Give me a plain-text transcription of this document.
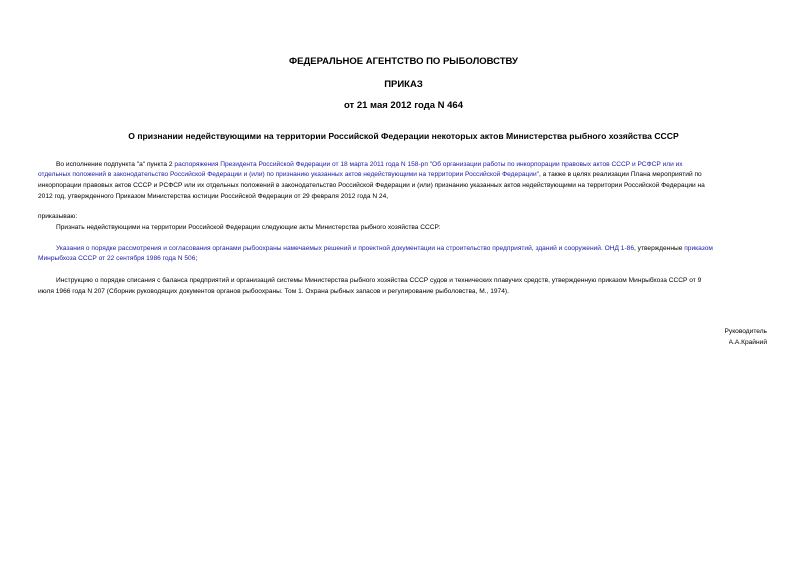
ФЕДЕРАЛЬНОЕ АГЕНТСТВО ПО РЫБОЛОВСТВУ
ПРИКАЗ
от 21 мая 2012 года N 464
О признании недействующими на территории Российской Федерации некоторых актов Министерства рыбного хозяйства СССР
Во исполнение подпункта "а" пункта 2 распоряжения Президента Российской Федерации от 18 марта 2011 года N 158-рп "Об организации работы по инкорпорации правовых актов СССР и РСФСР или их
отдельных положений в законодательство Российской Федерации и (или) по признанию указанных актов недействующими на территории Российской Федерации", а также в целях реализации Плана мероприятий по
инкорпорации правовых актов СССР и РСФСР или их отдельных положений в законодательство Российской Федерации и (или) признанию указанных актов недействующими на территории Российской Федерации на
2012 год, утвержденного Приказом Министерства юстиции Российской Федерации от 29 февраля 2012 года N 24,
приказываю:
Признать недействующими на территории Российской Федерации следующие акты Министерства рыбного хозяйства СССР:
Указания о порядке рассмотрения и согласования органами рыбоохраны намечаемых решений и проектной документации на строительство предприятий, зданий и сооружений. ОНД 1-86, утвержденные приказом
Минрыбхоза СССР от 22 сентября 1986 года N 506;
Инструкцию о порядке списания с баланса предприятий и организаций системы Министерства рыбного хозяйства СССР судов и технических плавучих средств, утвержденную приказом Минрыбхоза СССР от 9
июля 1966 года N 207 (Сборник руководящих документов органов рыбоохраны. Том 1. Охрана рыбных запасов и регулирование рыболовства, М., 1974).
Руководитель
А.А.Крайний
